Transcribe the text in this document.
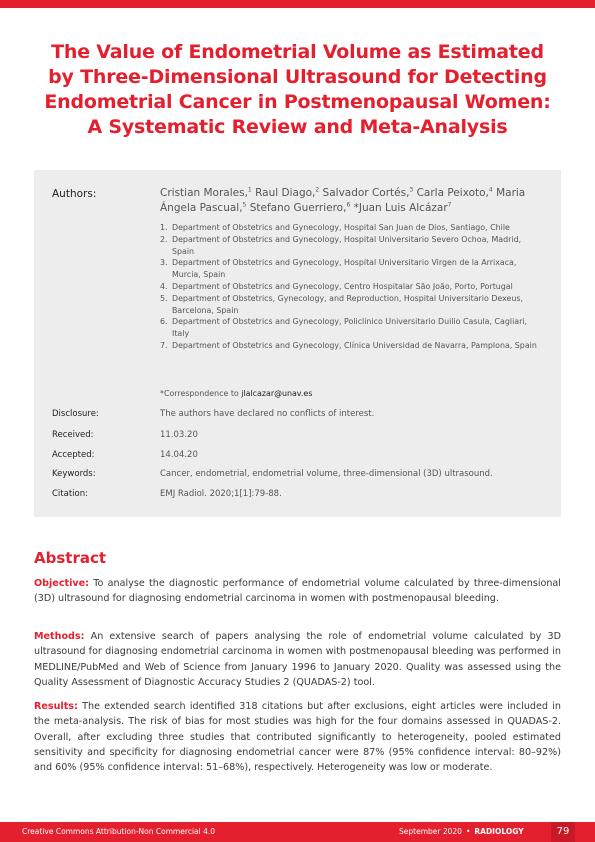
The Value of Endometrial Volume as Estimated
by Three-Dimensional Ultrasound for Detecting
Endometrial Cancer in Postmenopausal Women:
A Systematic Review and Meta-Analysis
Authors:	Cristian Morales,$^1$ Raul Diago,$^2$ Salvador Cortés,$^3$ Carla Peixoto,$^4$ Maria Ángela Pascual,$^5$ Stefano Guerriero,$^6$ *Juan Luis Alcázar$^7$
1. Department of Obstetrics and Gynecology, Hospital San Juan de Dios, Santiago, Chile
2. Department of Obstetrics and Gynecology, Hospital Universitario Severo Ochoa, Madrid, Spain
3. Department of Obstetrics and Gynecology, Hospital Universitario Virgen de la Arrixaca, Murcia, Spain
4. Department of Obstetrics and Gynecology, Centro Hospitalar São João, Porto, Portugal
5. Department of Obstetrics, Gynecology, and Reproduction, Hospital Universitario Dexeus, Barcelona, Spain
6. Department of Obstetrics and Gynecology, Policlinico Universitario Duilio Casula, Cagliari, Italy
7. Department of Obstetrics and Gynecology, Clínica Universidad de Navarra, Pamplona, Spain
*Correspondence to jlalcazar@unav.es
Disclosure:	The authors have declared no conflicts of interest.
Received:	11.03.20
Accepted:	14.04.20
Keywords:	Cancer, endometrial, endometrial volume, three-dimensional (3D) ultrasound.
Citation:	EMJ Radiol. 2020;1[1]:79-88.
Abstract

Objective: To analyse the diagnostic performance of endometrial volume calculated by three-dimensional (3D) ultrasound for diagnosing endometrial carcinoma in women with postmenopausal bleeding.

Methods: An extensive search of papers analysing the role of endometrial volume calculated by 3D ultrasound for diagnosing endometrial carcinoma in women with postmenopausal bleeding was performed in MEDLINE/PubMed and Web of Science from January 1996 to January 2020. Quality was assessed using the Quality Assessment of Diagnostic Accuracy Studies 2 (QUADAS-2) tool.

Results: The extended search identified 318 citations but after exclusions, eight articles were included in the meta-analysis. The risk of bias for most studies was high for the four domains assessed in QUADAS-2. Overall, after excluding three studies that contributed significantly to heterogeneity, pooled estimated sensitivity and specificity for diagnosing endometrial cancer were 87% (95% confidence interval: 80–92%) and 60% (95% confidence interval: 51–68%), respectively. Heterogeneity was low or moderate.

Creative Commons Attribution-Non Commercial 4.0	September 2020 • RADIOLOGY	79
